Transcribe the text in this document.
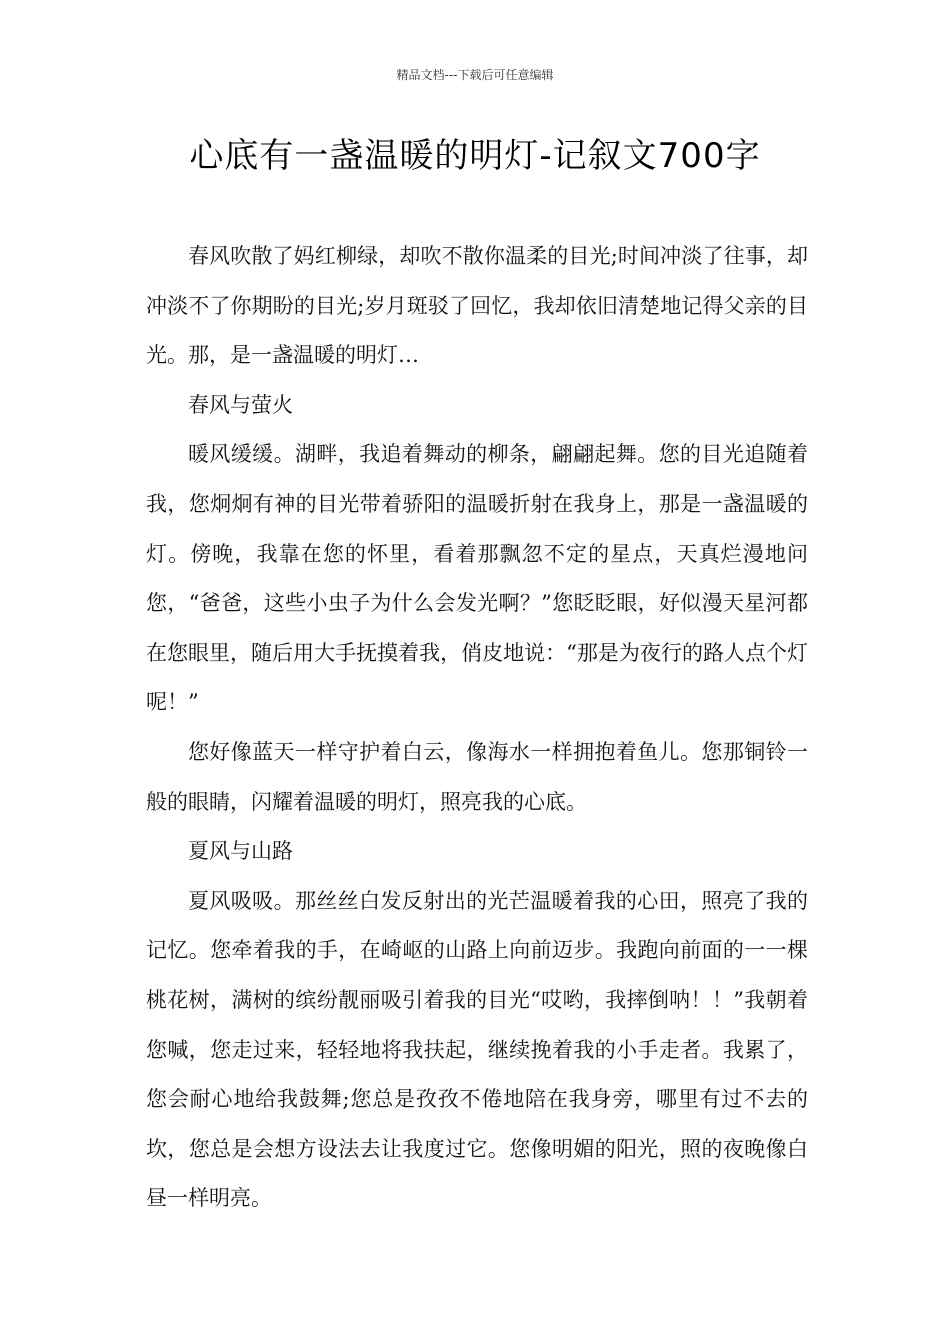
精品文档---下载后可任意编辑
心底有一盏温暖的明灯-记叙文700字

春风吹散了妈红柳绿，却吹不散你温柔的目光;时间冲淡了往事，却冲淡不了你期盼的目光;岁月斑驳了回忆，我却依旧清楚地记得父亲的目光。那，是一盏温暖的明灯…

春风与萤火

暖风缓缓。湖畔，我追着舞动的柳条，翩翩起舞。您的目光追随着我，您炯炯有神的目光带着骄阳的温暖折射在我身上，那是一盏温暖的灯。傍晚，我靠在您的怀里，看着那飘忽不定的星点，天真烂漫地问您，“爸爸，这些小虫子为什么会发光啊？”您眨眨眼，好似漫天星河都在您眼里，随后用大手抚摸着我，俏皮地说：“那是为夜行的路人点个灯呢！”

您好像蓝天一样守护着白云，像海水一样拥抱着鱼儿。您那铜铃一般的眼睛，闪耀着温暖的明灯，照亮我的心底。

夏风与山路

夏风吸吸。那丝丝白发反射出的光芒温暖着我的心田，照亮了我的记忆。您牵着我的手，在崎岖的山路上向前迈步。我跑向前面的一一棵桃花树，满树的缤纷靓丽吸引着我的目光“哎哟，我摔倒呐！！”我朝着您喊，您走过来，轻轻地将我扶起，继续挽着我的小手走者。我累了，您会耐心地给我鼓舞;您总是孜孜不倦地陪在我身旁，哪里有过不去的坎，您总是会想方设法去让我度过它。您像明媚的阳光，照的夜晚像白昼一样明亮。
